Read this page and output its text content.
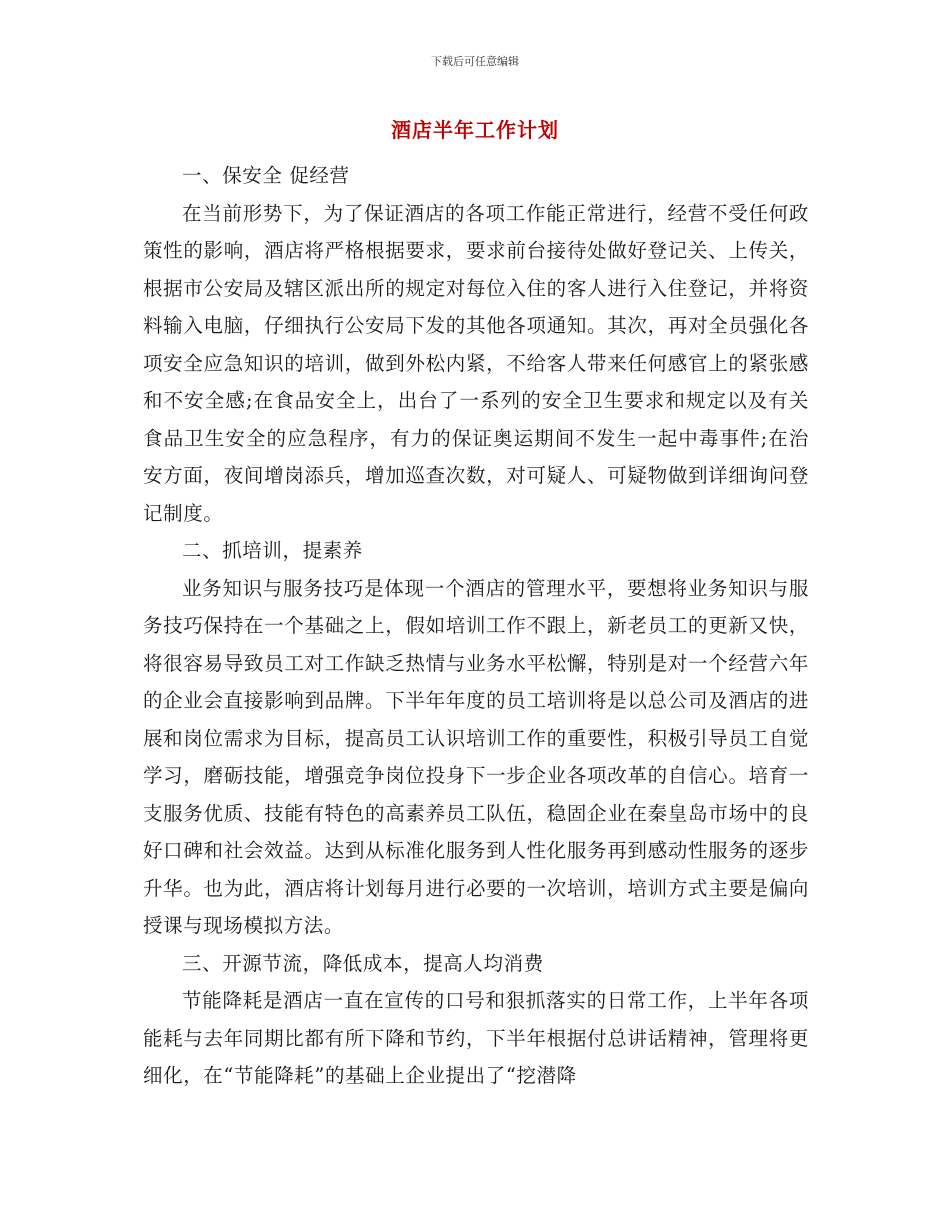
下载后可任意编辑
酒店半年工作计划

一、保安全 促经营

在当前形势下，为了保证酒店的各项工作能正常进行，经营不受任何政策性的影响，酒店将严格根据要求，要求前台接待处做好登记关、上传关，根据市公安局及辖区派出所的规定对每位入住的客人进行入住登记，并将资料输入电脑，仔细执行公安局下发的其他各项通知。其次，再对全员强化各项安全应急知识的培训，做到外松内紧，不给客人带来任何感官上的紧张感和不安全感;在食品安全上，出台了一系列的安全卫生要求和规定以及有关食品卫生安全的应急程序，有力的保证奥运期间不发生一起中毒事件;在治安方面，夜间增岗添兵，增加巡查次数，对可疑人、可疑物做到详细询问登记制度。

二、抓培训，提素养

业务知识与服务技巧是体现一个酒店的管理水平，要想将业务知识与服务技巧保持在一个基础之上，假如培训工作不跟上，新老员工的更新又快，将很容易导致员工对工作缺乏热情与业务水平松懈，特别是对一个经营六年的企业会直接影响到品牌。下半年年度的员工培训将是以总公司及酒店的进展和岗位需求为目标，提高员工认识培训工作的重要性，积极引导员工自觉学习，磨砺技能，增强竞争岗位投身下一步企业各项改革的自信心。培育一支服务优质、技能有特色的高素养员工队伍，稳固企业在秦皇岛市场中的良好口碑和社会效益。达到从标准化服务到人性化服务再到感动性服务的逐步升华。也为此，酒店将计划每月进行必要的一次培训，培训方式主要是偏向授课与现场模拟方法。

三、开源节流，降低成本，提高人均消费

节能降耗是酒店一直在宣传的口号和狠抓落实的日常工作，上半年各项能耗与去年同期比都有所下降和节约，下半年根据付总讲话精神，管理将更细化，在“节能降耗”的基础上企业提出了“挖潜降
